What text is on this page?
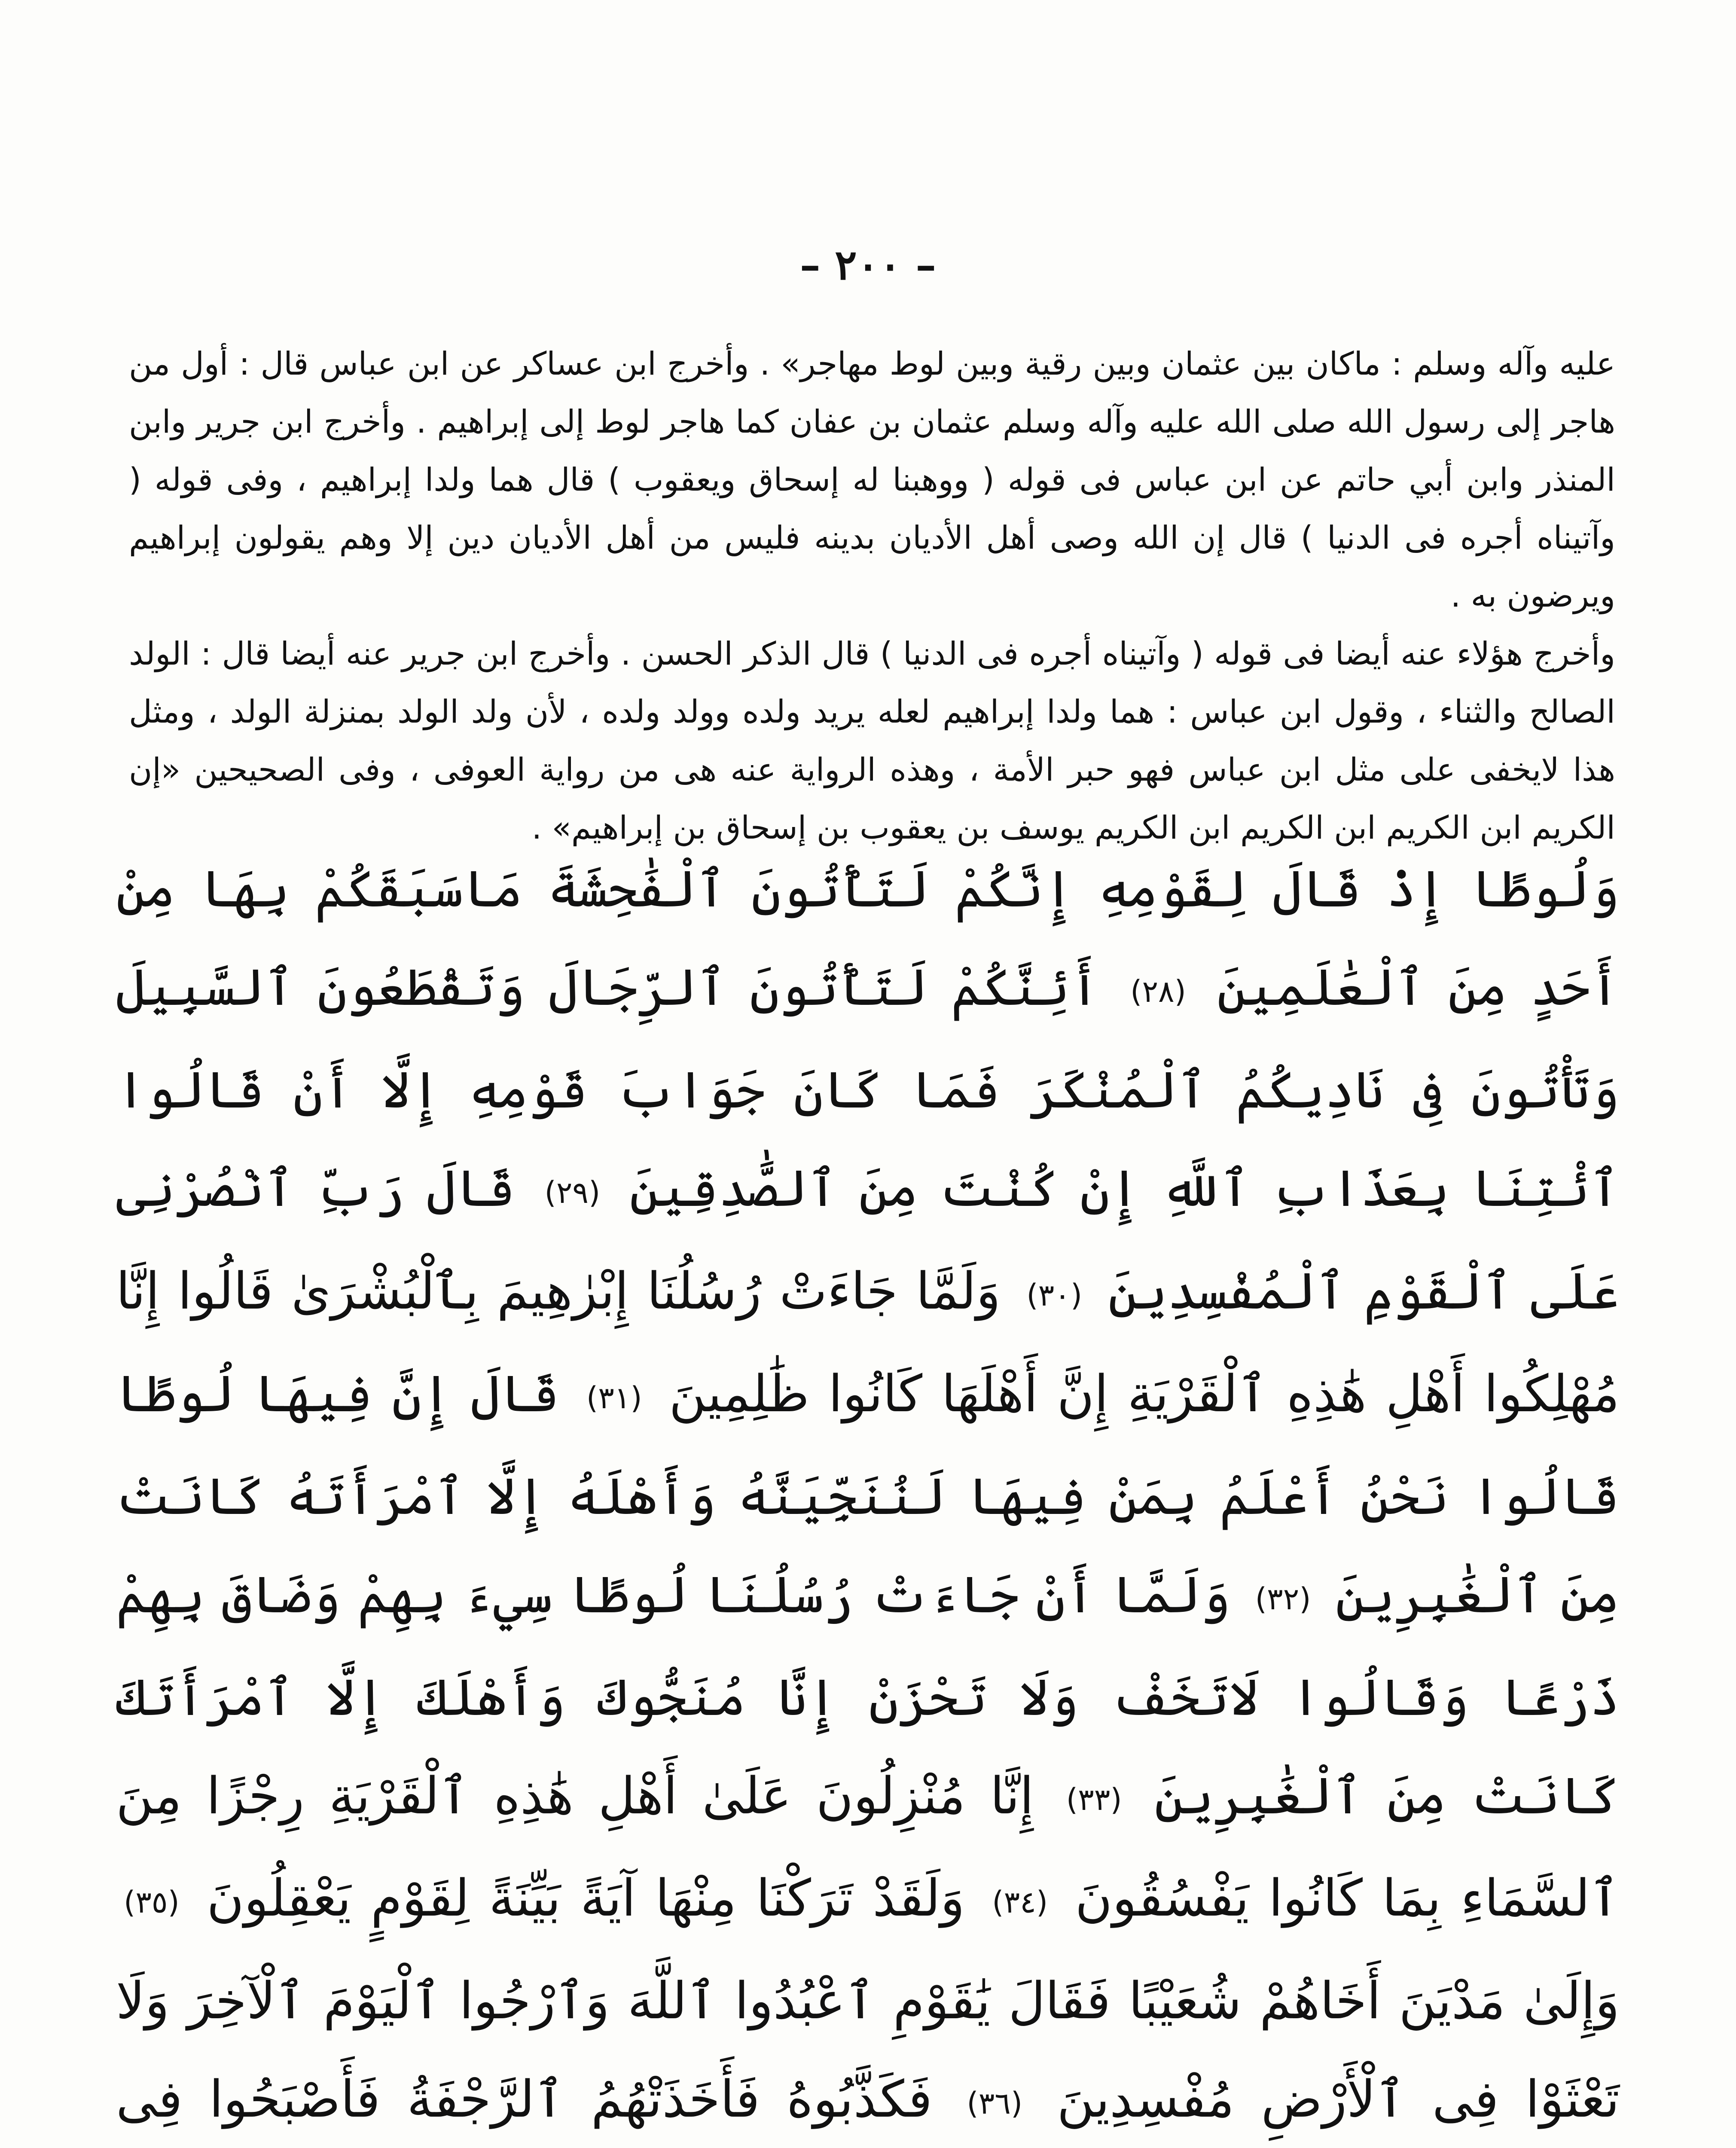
– ٢٠٠ –

عليه وآله وسلم : ماكان بين عثمان وبين رقية وبين لوط مهاجر» . وأخرج ابن عساكر عن ابن عباس قال : أول من هاجر إلى رسول الله صلى الله عليه وآله وسلم عثمان بن عفان كما هاجر لوط إلى إبراهيم . وأخرج ابن جرير وابن المنذر وابن أبي حاتم عن ابن عباس فى قوله ( ووهبنا له إسحاق ويعقوب ) قال هما ولدا إبراهيم ، وفى قوله ( وآتيناه أجره فى الدنيا ) قال إن الله وصى أهل الأديان بدينه فليس من أهل الأديان دين إلا وهم يقولون إبراهيم ويرضون به .

وأخرج هؤلاء عنه أيضا فى قوله ( وآتيناه أجره فى الدنيا ) قال الذكر الحسن . وأخرج ابن جرير عنه أيضا قال : الولد الصالح والثناء ، وقول ابن عباس : هما ولدا إبراهيم لعله يريد ولده وولد ولده ، لأن ولد الولد بمنزلة الولد ، ومثل هذا لايخفى على مثل ابن عباس فهو حبر الأمة ، وهذه الرواية عنه هى من رواية العوفى ، وفى الصحيحين «إن الكريم ابن الكريم ابن الكريم ابن الكريم يوسف بن يعقوب بن إسحاق بن إبراهيم» .

وَلُوطًا إِذْ قَالَ لِقَوْمِهِ إِنَّكُمْ لَتَأْتُونَ ٱلْفَٰحِشَةَ مَاسَبَقَكُمْ بِهَا مِنْ أَحَدٍ مِنَ ٱلْعَٰلَمِينَ (٢٨) أَئِنَّكُمْ لَتَأْتُونَ ٱلرِّجَالَ وَتَقْطَعُونَ ٱلسَّبِيلَ وَتَأْتُونَ فِى نَادِيكُمُ ٱلْمُنْكَرَ فَمَا كَانَ جَوَابَ قَوْمِهِ إِلَّا أَنْ قَالُوا ٱئْتِنَا بِعَذَابِ ٱللَّهِ إِنْ كُنْتَ مِنَ ٱلصَّٰدِقِينَ (٢٩) قَالَ رَبِّ ٱنْصُرْنِى عَلَى ٱلْقَوْمِ ٱلْمُفْسِدِينَ (٣٠) وَلَمَّا جَاءَتْ رُسُلُنَا إِبْرٰهِيمَ بِٱلْبُشْرَىٰ قَالُوا إِنَّا مُهْلِكُوا أَهْلِ هَٰذِهِ ٱلْقَرْيَةِ إِنَّ أَهْلَهَا كَانُوا ظَٰلِمِينَ (٣١) قَالَ إِنَّ فِيهَا لُوطًا قَالُوا نَحْنُ أَعْلَمُ بِمَنْ فِيهَا لَنُنَجِّيَنَّهُ وَأَهْلَهُ إِلَّا ٱمْرَأَتَهُ كَانَتْ مِنَ ٱلْغَٰبِرِينَ (٣٢) وَلَمَّا أَنْ جَاءَتْ رُسُلُنَا لُوطًا سِيءَ بِهِمْ وَضَاقَ بِهِمْ ذَرْعًا وَقَالُوا لَاتَخَفْ وَلَا تَحْزَنْ إِنَّا مُنَجُّوكَ وَأَهْلَكَ إِلَّا ٱمْرَأَتَكَ كَانَتْ مِنَ ٱلْغَٰبِرِينَ (٣٣) إِنَّا مُنْزِلُونَ عَلَىٰ أَهْلِ هَٰذِهِ ٱلْقَرْيَةِ رِجْزًا مِنَ ٱلسَّمَاءِ بِمَا كَانُوا يَفْسُقُونَ (٣٤) وَلَقَدْ تَرَكْنَا مِنْهَا آيَةً بَيِّنَةً لِقَوْمٍ يَعْقِلُونَ (٣٥) وَإِلَىٰ مَدْيَنَ أَخَاهُمْ شُعَيْبًا فَقَالَ يَٰقَوْمِ ٱعْبُدُوا ٱللَّهَ وَٱرْجُوا ٱلْيَوْمَ ٱلْآخِرَ وَلَا تَعْثَوْا فِى ٱلْأَرْضِ مُفْسِدِينَ (٣٦) فَكَذَّبُوهُ فَأَخَذَتْهُمُ ٱلرَّجْفَةُ فَأَصْبَحُوا فِى
